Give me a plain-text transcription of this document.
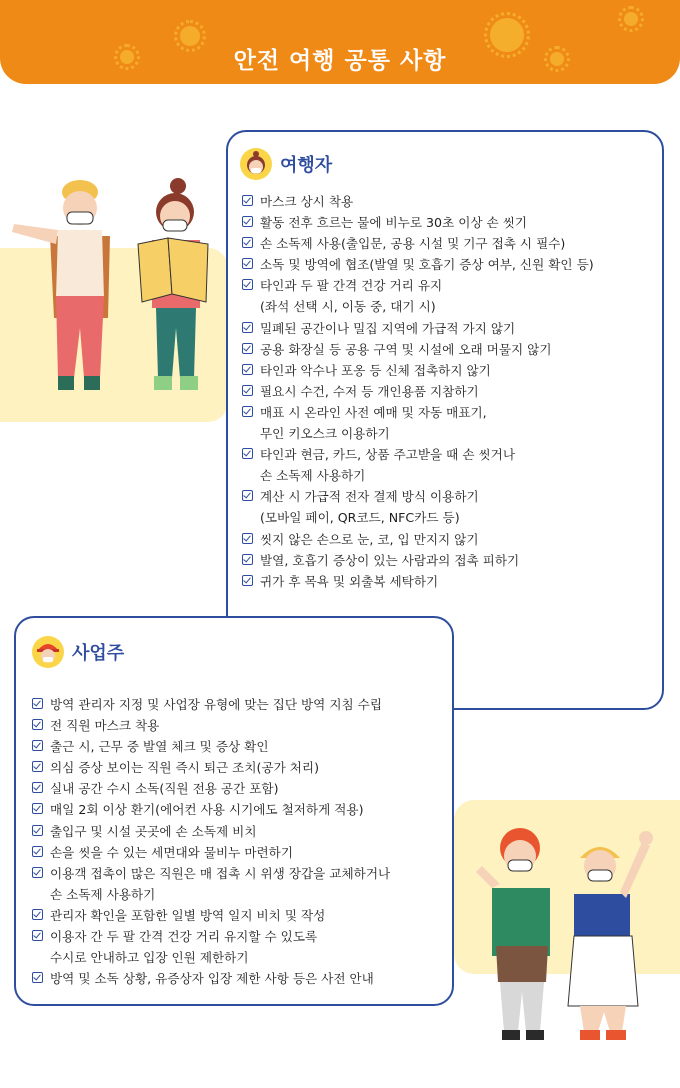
안전 여행 공통 사항
여행자
마스크 상시 착용
활동 전후 흐르는 물에 비누로 30초 이상 손 씻기
손 소독제 사용(출입문, 공용 시설 및 기구 접촉 시 필수)
소독 및 방역에 협조(발열 및 호흡기 증상 여부, 신원 확인 등)
타인과 두 팔 간격 건강 거리 유지
(좌석 선택 시, 이동 중, 대기 시)
밀폐된 공간이나 밀집 지역에 가급적 가지 않기
공용 화장실 등 공용 구역 및 시설에 오래 머물지 않기
타인과 악수나 포옹 등 신체 접촉하지 않기
필요시 수건, 수저 등 개인용품 지참하기
매표 시 온라인 사전 예매 및 자동 매표기,
무인 키오스크 이용하기
타인과 현금, 카드, 상품 주고받을 때 손 씻거나
손 소독제 사용하기
계산 시 가급적 전자 결제 방식 이용하기
(모바일 페이, QR코드, NFC카드 등)
씻지 않은 손으로 눈, 코, 입 만지지 않기
발열, 호흡기 증상이 있는 사람과의 접촉 피하기
귀가 후 목욕 및 외출복 세탁하기
사업주
방역 관리자 지정 및 사업장 유형에 맞는 집단 방역 지침 수립
전 직원 마스크 착용
출근 시, 근무 중 발열 체크 및 증상 확인
의심 증상 보이는 직원 즉시 퇴근 조치(공가 처리)
실내 공간 수시 소독(직원 전용 공간 포함)
매일 2회 이상 환기(에어컨 사용 시기에도 철저하게 적용)
출입구 및 시설 곳곳에 손 소독제 비치
손을 씻을 수 있는 세면대와 물비누 마련하기
이용객 접촉이 많은 직원은 매 접촉 시 위생 장갑을 교체하거나
손 소독제 사용하기
관리자 확인을 포함한 일별 방역 일지 비치 및 작성
이용자 간 두 팔 간격 건강 거리 유지할 수 있도록
수시로 안내하고 입장 인원 제한하기
방역 및 소독 상황, 유증상자 입장 제한 사항 등은 사전 안내
